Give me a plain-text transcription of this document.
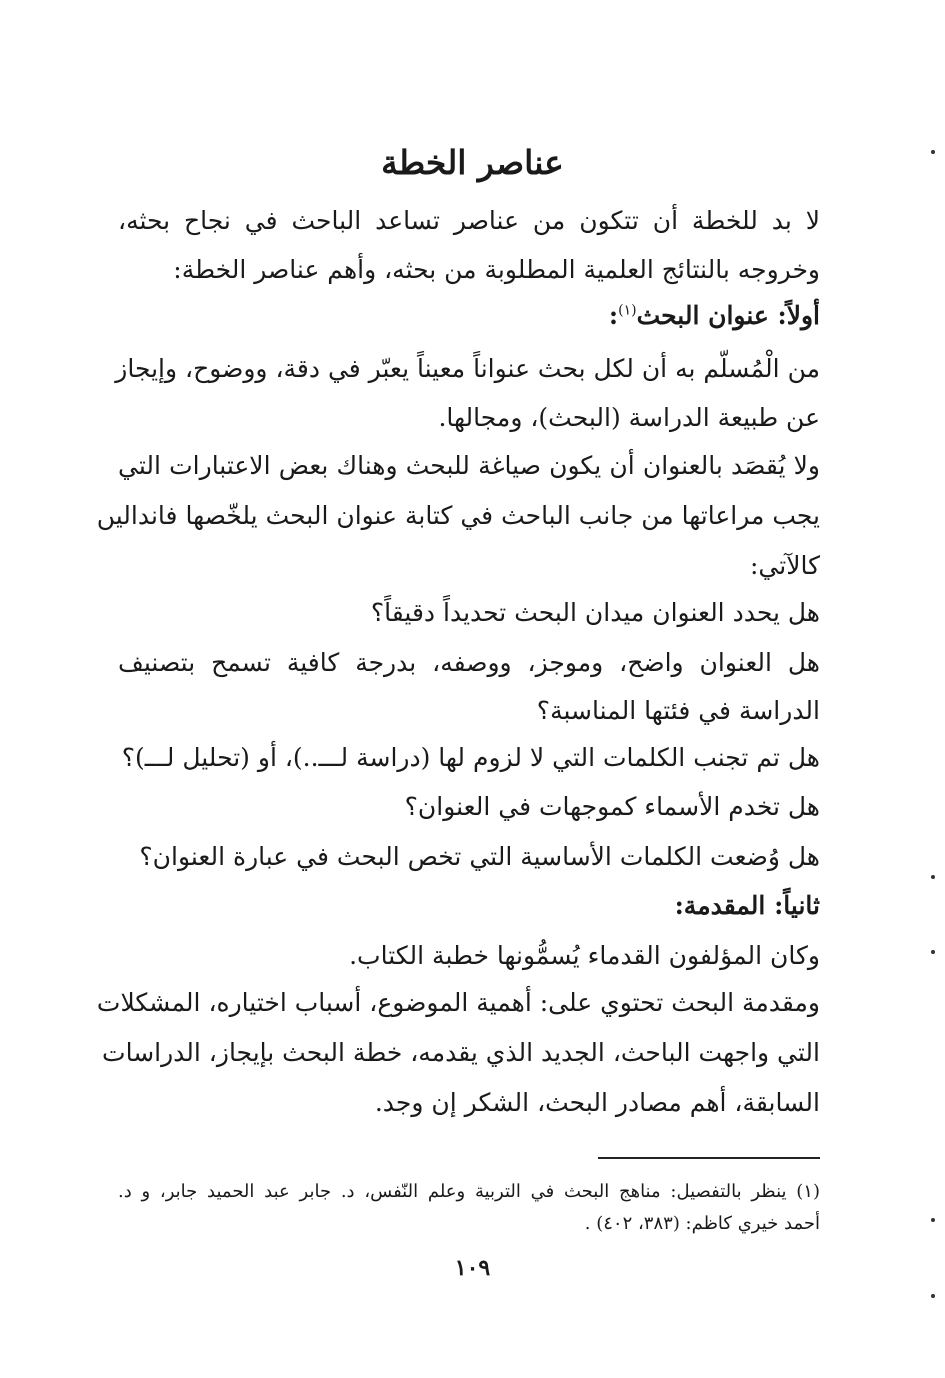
عناصر الخطة

لا بد للخطة أن تتكون من عناصر تساعد الباحث في نجاح بحثه،

وخروجه بالنتائج العلمية المطلوبة من بحثه، وأهم عناصر الخطة:

أولاً: عنوان البحث$^{(١)}$:

من الْمُسلّم به أن لكل بحث عنواناً معيناً يعبّر في دقة، ووضوح، وإيجاز

عن طبيعة الدراسة (البحث)، ومجالها.

ولا يُقصَد بالعنوان أن يكون صياغة للبحث وهناك بعض الاعتبارات التي

يجب مراعاتها من جانب الباحث في كتابة عنوان البحث يلخّصها فانداليں

كالآتي:

هل يحدد العنوان ميدان البحث تحديداً دقيقاً؟

هل العنوان واضح، وموجز، ووصفه، بدرجة كافية تسمح بتصنيف

الدراسة في فئتها المناسبة؟

هل تم تجنب الكلمات التي لا لزوم لها (دراسة لـــ..)، أو (تحليل لـــ)؟

هل تخدم الأسماء كموجهات في العنوان؟

هل وُضعت الكلمات الأساسية التي تخص البحث في عبارة العنوان؟

ثانياً: المقدمة:

وكان المؤلفون القدماء يُسمُّونها خطبة الكتاب.

ومقدمة البحث تحتوي على: أهمية الموضوع، أسباب اختياره، المشكلات

التي واجهت الباحث، الجديد الذي يقدمه، خطة البحث بإيجاز، الدراسات

السابقة، أهم مصادر البحث، الشكر إن وجد.

(١) ينظر بالتفصيل: مناهج البحث في التربية وعلم النّفس، د. جابر عبد الحميد جابر، و د.

أحمد خيري كاظم: (٣٨٣، ٤٠٢) .

١٠٩
